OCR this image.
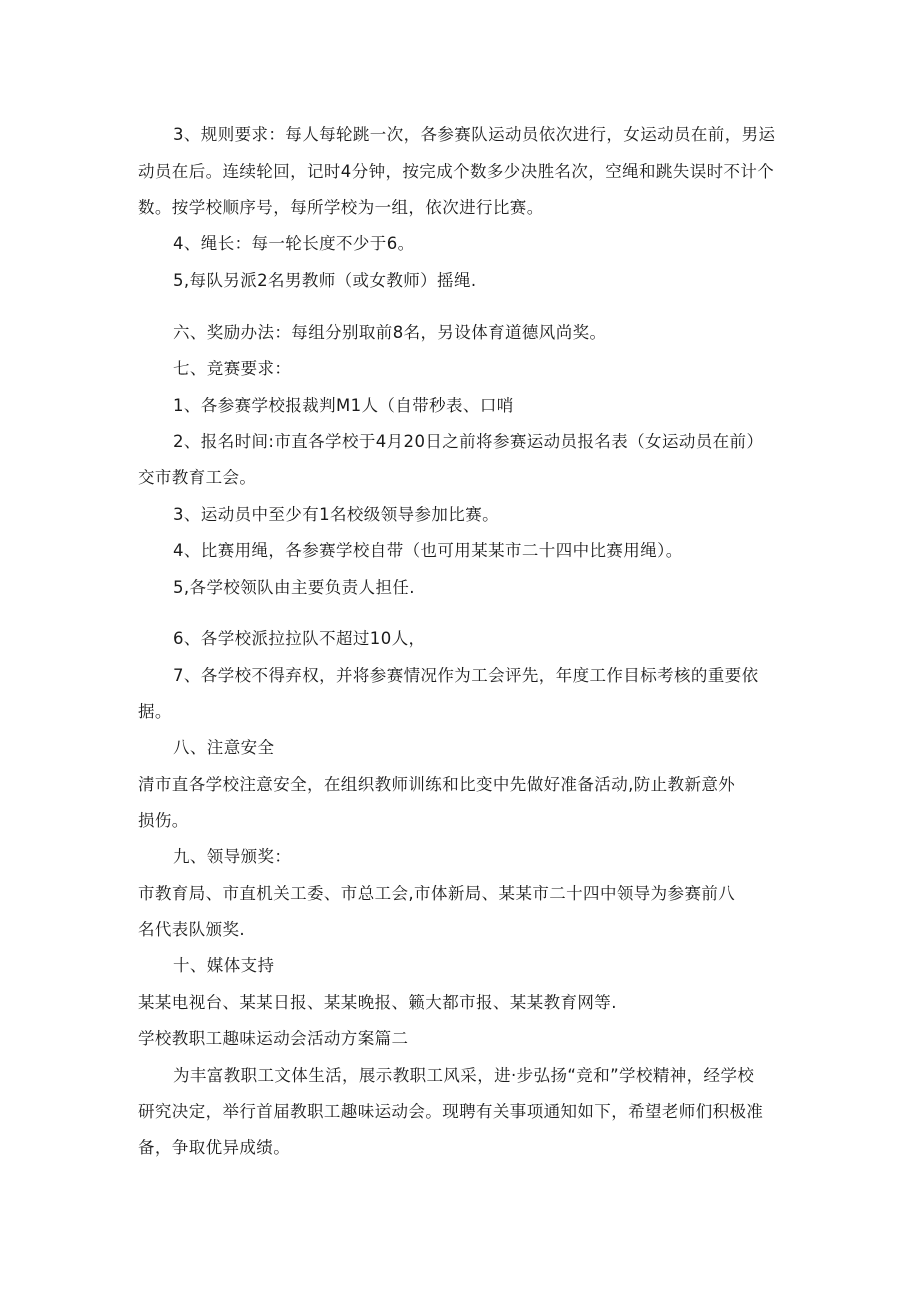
3、规则要求：每人每轮跳一次，各参赛队运动员依次进行，女运动员在前，男运
动员在后。连续轮回，记时4分钟，按完成个数多少决胜名次，空绳和跳失误时不计个
数。按学校顺序号，每所学校为一组，依次进行比赛。
4、绳长：每一轮长度不少于6。
5,每队另派2名男教师（或女教师）摇绳.
六、奖励办法：每组分别取前8名，另设体育道德风尚奖。
七、竞赛要求：
1、各参赛学校报裁判M1人（自带秒表、口哨
2、报名时间:市直各学校于4月20日之前将参赛运动员报名表（女运动员在前）
交市教育工会。
3、运动员中至少有1名校级领导参加比赛。
4、比赛用绳，各参赛学校自带（也可用某某市二十四中比赛用绳）。
5,各学校领队由主要负责人担任.
6、各学校派拉拉队不超过10人，
7、各学校不得弃权，并将参赛情况作为工会评先，年度工作目标考核的重要依
据。
八、注意安全
清市直各学校注意安全，在组织教师训练和比变中先做好准备活动,防止教新意外
损伤。
九、领导颁奖：
市教育局、市直机关工委、市总工会,市体新局、某某市二十四中领导为参赛前八
名代表队颁奖.
十、媒体支持
某某电视台、某某日报、某某晚报、籁大都市报、某某教育网等.
学校教职工趣味运动会活动方案篇二
为丰富教职工文体生活，展示教职工风采，进·步弘扬“竞和”学校精神，经学校
研究决定，举行首届教职工趣味运动会。现聘有关事项通知如下，希望老师们积极准
备，争取优异成绩。
